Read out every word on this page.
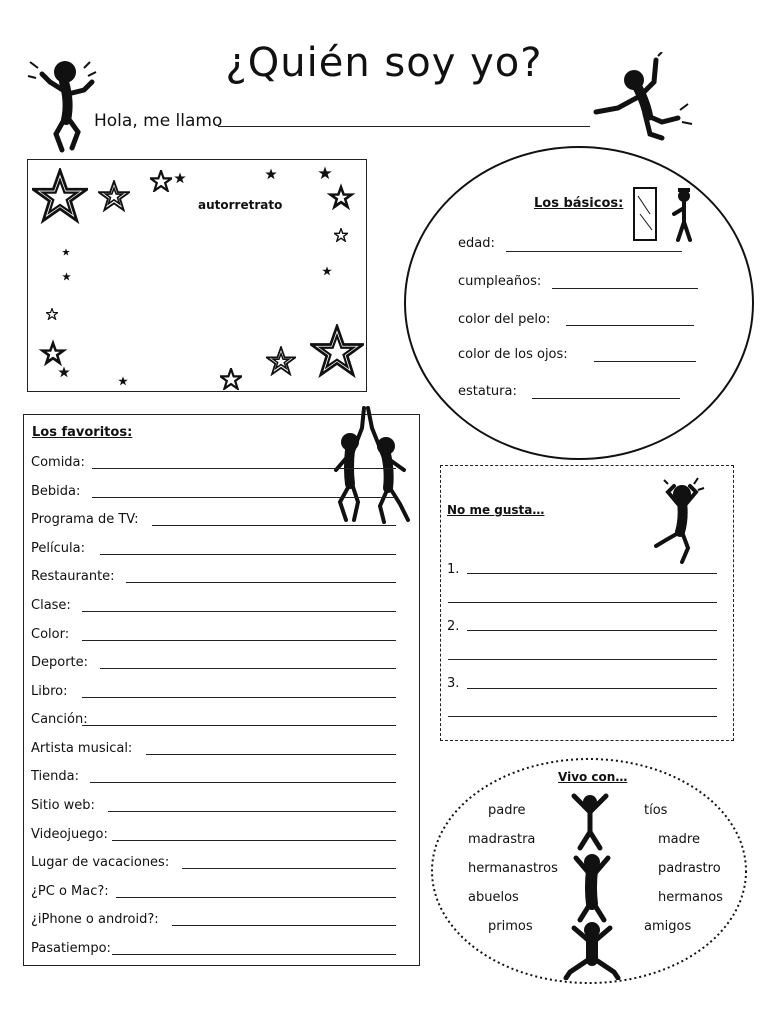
¿Quién soy yo?
Hola, me llamo
autorretrato	Los básicos:
edad:
cumpleaños:
color del pelo:
color de los ojos:
estatura:
Los favoritos:
Comida:
Bebida:
Programa de TV:
Película:
Restaurante:
Clase:
Color:
Deporte:
Libro:
Canción:
Artista musical:
Tienda:
Sitio web:
Videojuego:
Lugar de vacaciones:
¿PC o Mac?:
¿iPhone o android?:
Pasatiempo:
No me gusta…
1.
2.
3.
Vivo con…
padre
madrastra
hermanastros
abuelos
primos
tíos
madre
padrastro
hermanos
amigos
